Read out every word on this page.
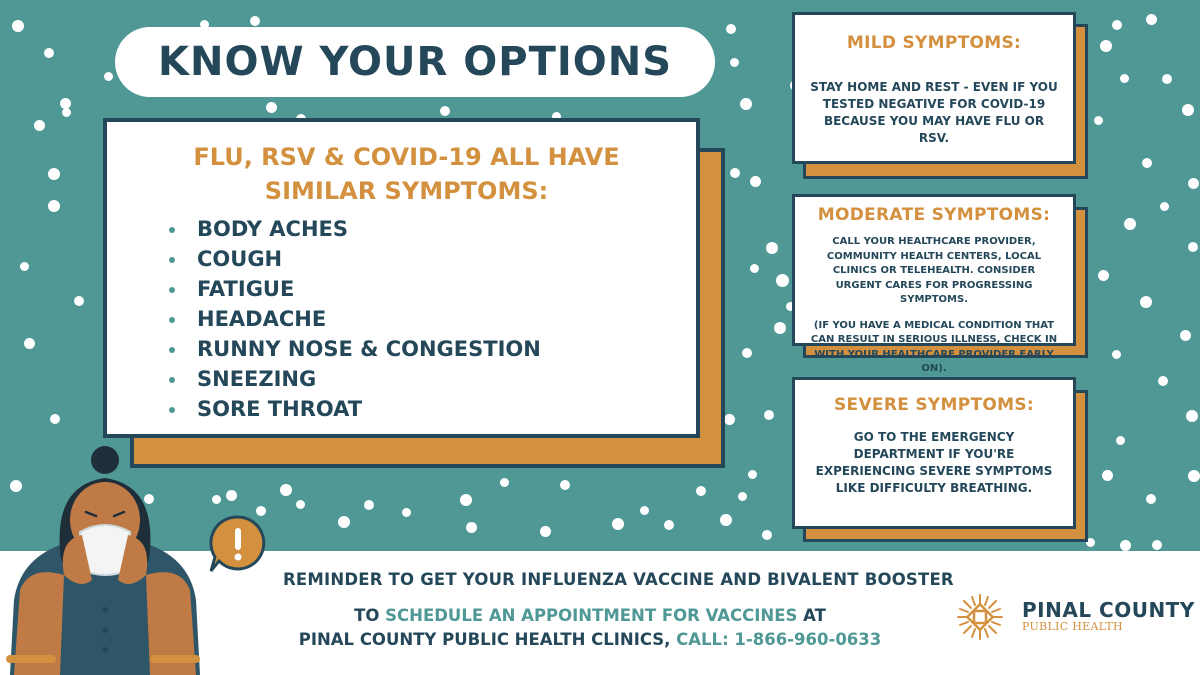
KNOW YOUR OPTIONS
FLU, RSV & COVID-19 ALL HAVE
SIMILAR SYMPTOMS:
BODY ACHES
COUGH
FATIGUE
HEADACHE
RUNNY NOSE & CONGESTION
SNEEZING
SORE THROAT
MILD SYMPTOMS:
STAY HOME AND REST - EVEN IF YOU TESTED NEGATIVE FOR COVID-19 BECAUSE YOU MAY HAVE FLU OR RSV.
MODERATE SYMPTOMS:
CALL YOUR HEALTHCARE PROVIDER, COMMUNITY HEALTH CENTERS, LOCAL CLINICS OR TELEHEALTH. CONSIDER URGENT CARES FOR PROGRESSING SYMPTOMS.
(IF YOU HAVE A MEDICAL CONDITION THAT CAN RESULT IN SERIOUS ILLNESS, CHECK IN WITH YOUR HEALTHCARE PROVIDER EARLY ON).
SEVERE SYMPTOMS:
GO TO THE EMERGENCY DEPARTMENT IF YOU'RE EXPERIENCING SEVERE SYMPTOMS LIKE DIFFICULTY BREATHING.
REMINDER TO GET YOUR INFLUENZA VACCINE AND BIVALENT BOOSTER
TO SCHEDULE AN APPOINTMENT FOR VACCINES AT
PINAL COUNTY PUBLIC HEALTH CLINICS, CALL: 1-866-960-0633
PINAL COUNTY
PUBLIC HEALTH
